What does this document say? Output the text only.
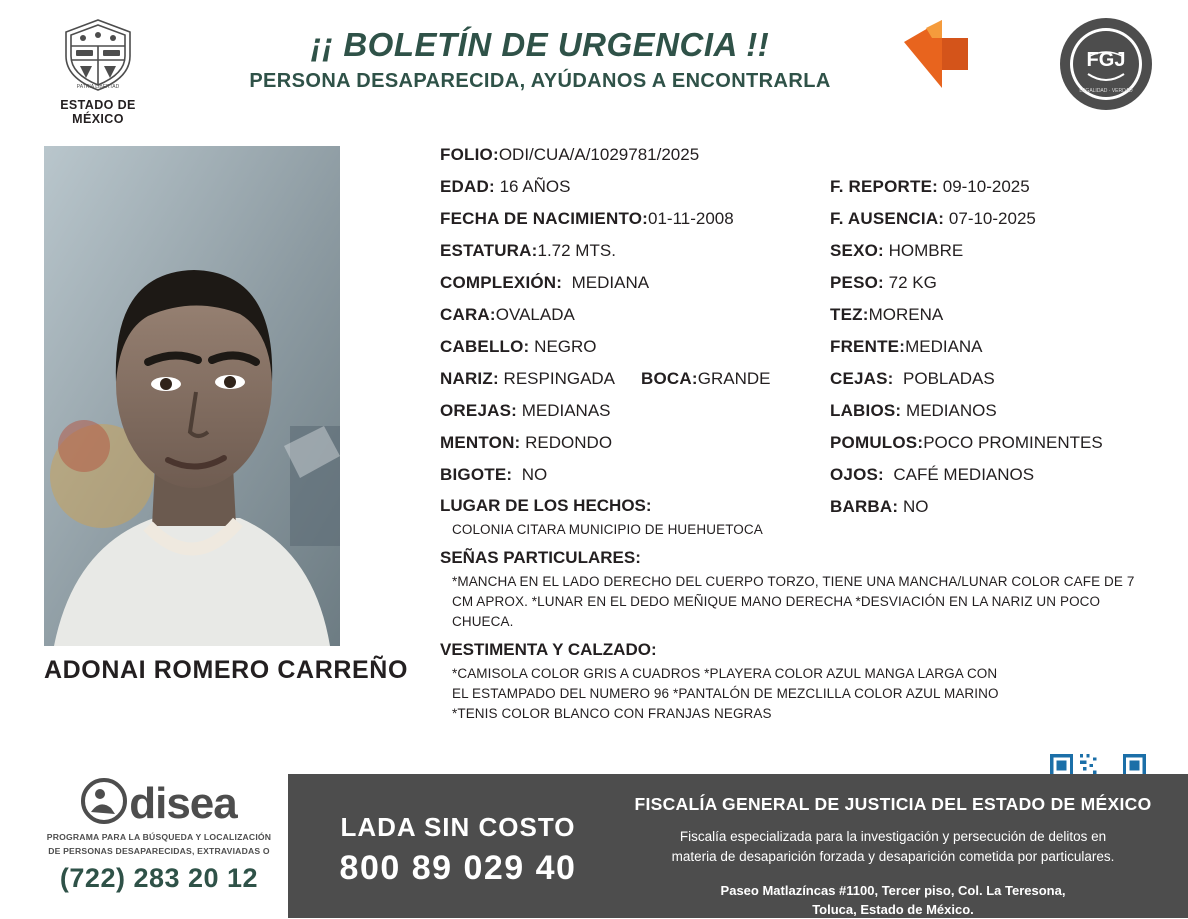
PATRIA LIBERTAD
ESTADO DE MÉXICO
¡¡ BOLETÍN DE URGENCIA !!
PERSONA DESAPARECIDA, AYÚDANOS A ENCONTRARLA
Protocolo
ALBA
Estado de México
FGJ
LEGALIDAD · VERDAD
ADONAI ROMERO CARREÑO
FOLIO:ODI/CUA/A/1029781/2025
EDAD: 16 AÑOS	F. REPORTE: 09-10-2025
FECHA DE NACIMIENTO:01-11-2008	F. AUSENCIA: 07-10-2025
ESTATURA:1.72 MTS.	SEXO: HOMBRE
COMPLEXIÓN: MEDIANA	PESO: 72 KG
CARA:OVALADA	TEZ:MORENA
CABELLO: NEGRO	FRENTE:MEDIANA
NARIZ: RESPINGADA BOCA:GRANDE	CEJAS: POBLADAS
OREJAS: MEDIANAS	LABIOS: MEDIANOS
MENTON: REDONDO	POMULOS:POCO PROMINENTES
BIGOTE: NO	OJOS: CAFÉ MEDIANOS
LUGAR DE LOS HECHOS:
COLONIA CITARA MUNICIPIO DE HUEHUETOCA
BARBA: NO
SEÑAS PARTICULARES:
*MANCHA EN EL LADO DERECHO DEL CUERPO TORZO, TIENE UNA MANCHA/LUNAR COLOR CAFE DE 7 CM APROX. *LUNAR EN EL DEDO MEÑIQUE MANO DERECHA *DESVIACIÓN EN LA NARIZ UN POCO CHUECA.
VESTIMENTA Y CALZADO:
*CAMISOLA COLOR GRIS A CUADROS *PLAYERA COLOR AZUL MANGA LARGA CON EL ESTAMPADO DEL NUMERO 96 *PANTALÓN DE MEZCLILLA COLOR AZUL MARINO *TENIS COLOR BLANCO CON FRANJAS NEGRAS
disea
PROGRAMA PARA LA BÚSQUEDA Y LOCALIZACIÓN
DE PERSONAS DESAPARECIDAS, EXTRAVIADAS O
(722) 283 20 12
LADA SIN COSTO
800 89 029 40
FISCALÍA GENERAL DE JUSTICIA DEL ESTADO DE MÉXICO
Fiscalía especializada para la investigación y persecución de delitos en
materia de desaparición forzada y desaparición cometida por particulares.
Paseo Matlazíncas #1100, Tercer piso, Col. La Teresona,
Toluca, Estado de México.
